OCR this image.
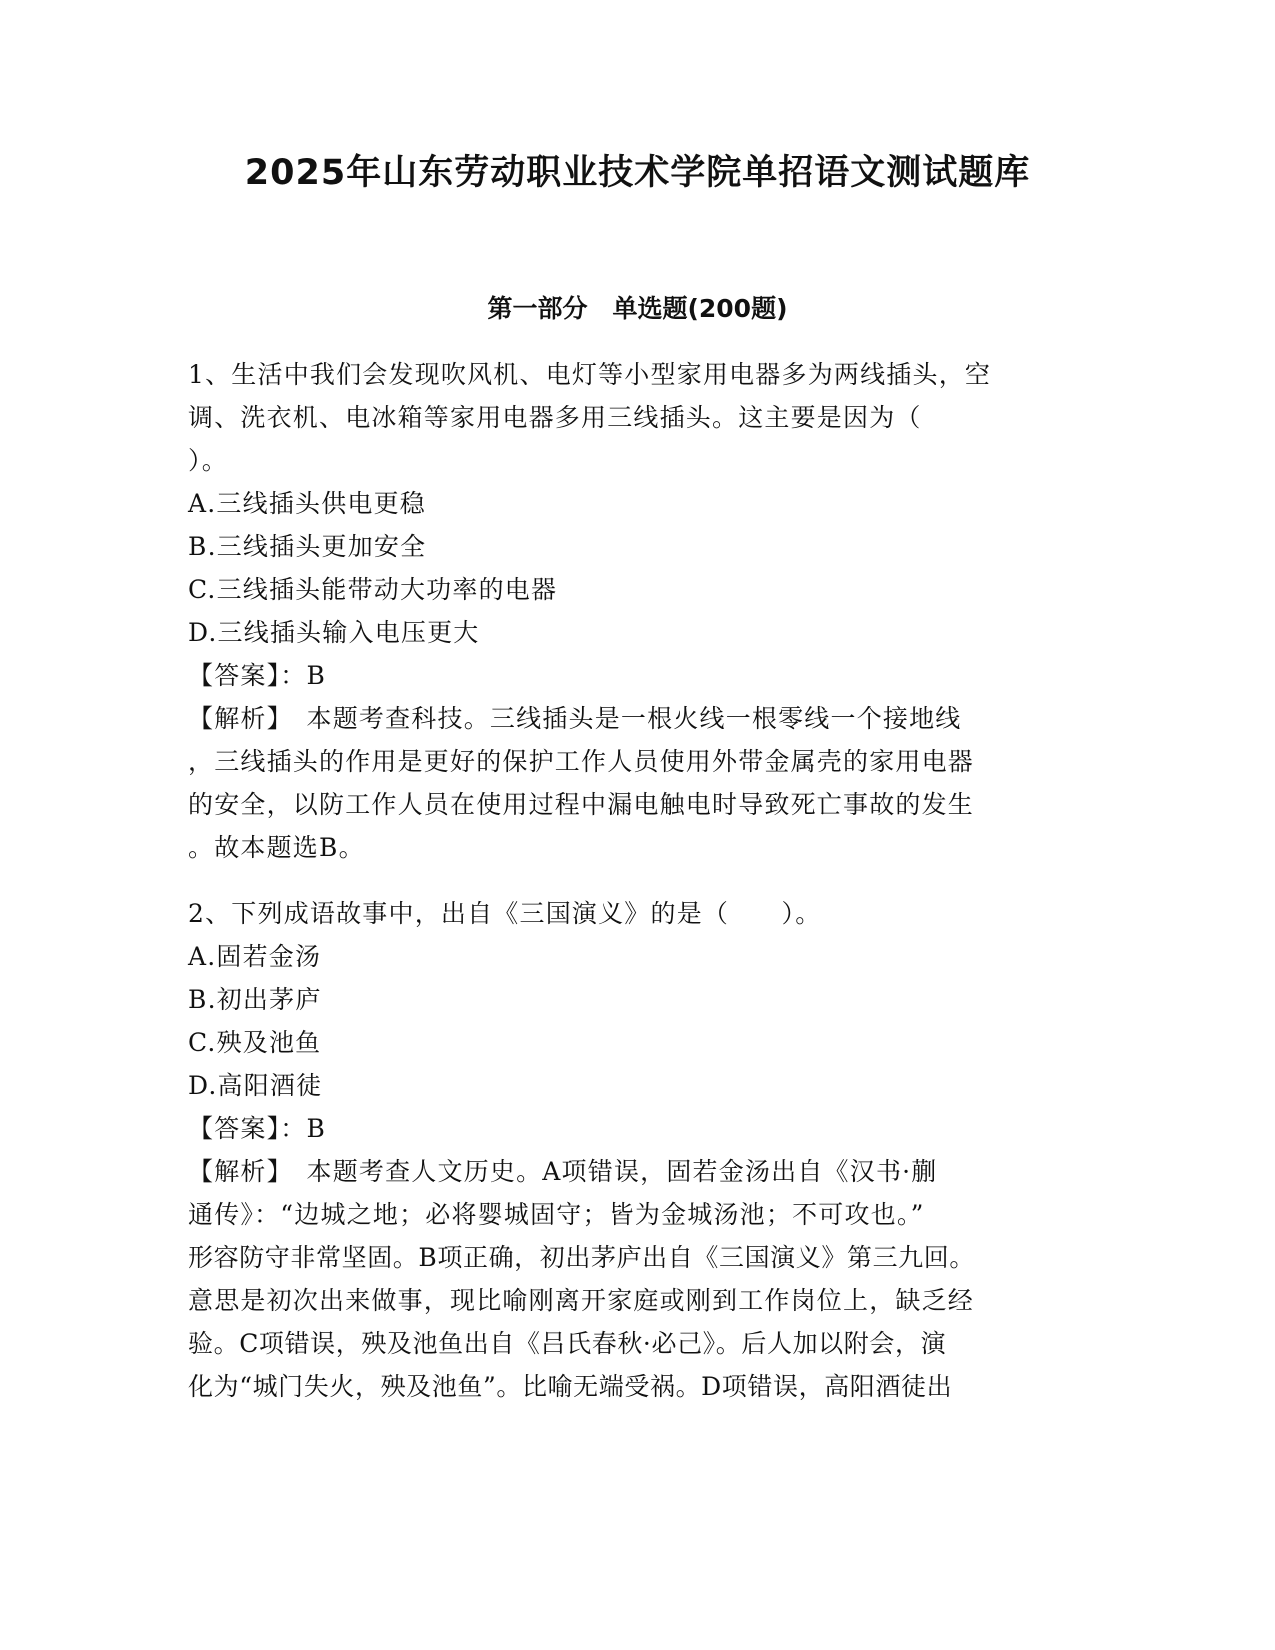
2025年山东劳动职业技术学院单招语文测试题库
第一部分　单选题(200题)
1、生活中我们会发现吹风机、电灯等小型家用电器多为两线插头，空
调、洗衣机、电冰箱等家用电器多用三线插头。这主要是因为（
）。
A.三线插头供电更稳
B.三线插头更加安全
C.三线插头能带动大功率的电器
D.三线插头输入电压更大
【答案】：B
【解析】　本题考查科技。三线插头是一根火线一根零线一个接地线
，三线插头的作用是更好的保护工作人员使用外带金属壳的家用电器
的安全，以防工作人员在使用过程中漏电触电时导致死亡事故的发生
。故本题选B。
2、下列成语故事中，出自《三国演义》的是（　　）。
A.固若金汤
B.初出茅庐
C.殃及池鱼
D.高阳酒徒
【答案】：B
【解析】　本题考查人文历史。A项错误，固若金汤出自《汉书·蒯
通传》：“边城之地；必将婴城固守；皆为金城汤池；不可攻也。”
形容防守非常坚固。B项正确，初出茅庐出自《三国演义》第三九回。
意思是初次出来做事，现比喻刚离开家庭或刚到工作岗位上，缺乏经
验。C项错误，殃及池鱼出自《吕氏春秋·必己》。后人加以附会，演
化为“城门失火，殃及池鱼”。比喻无端受祸。D项错误，高阳酒徒出
